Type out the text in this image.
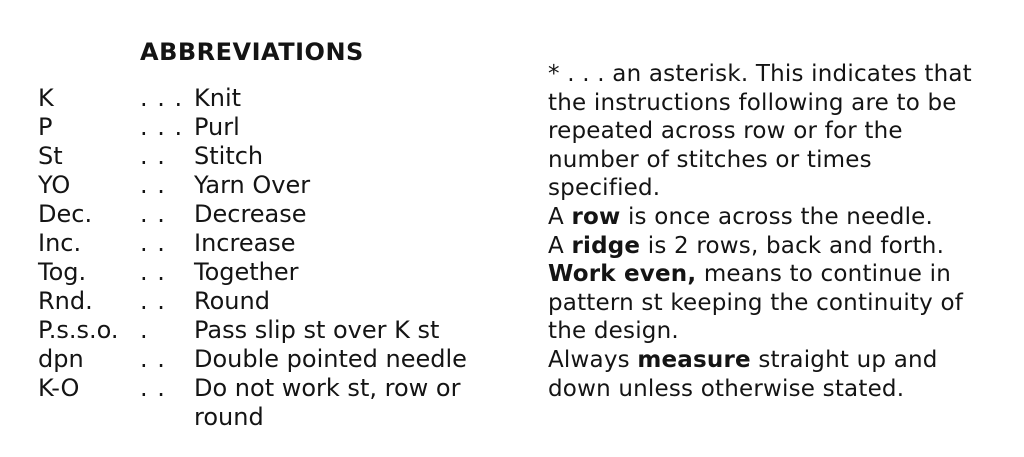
ABBREVIATIONS
K	. . . Knit
P	. . . Purl
St	. . Stitch
YO	. . Yarn Over
Dec. . . Decrease
Inc. . . Increase
Tog. . . Together
Rnd. . . Round
P.s.s.o. . Pass slip st over K st
dpn . . Double pointed needle
K-O	. . Do not work st, row or round

* . . . an asterisk. This indicates that the instructions following are to be repeated across row or for the number of stitches or times specified.

A row is once across the needle.

A ridge is 2 rows, back and forth.

Work even, means to continue in pattern st keeping the continuity of the design.

Always measure straight up and down unless otherwise stated.
